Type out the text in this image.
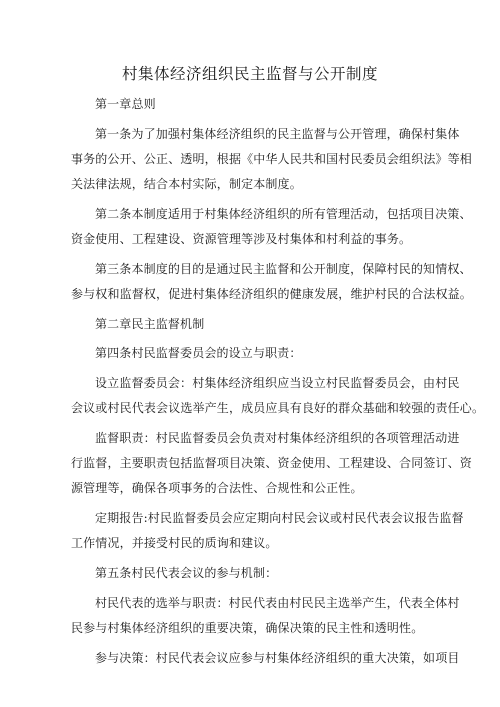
村集体经济组织民主监督与公开制度
第一章总则
第一条为了加强村集体经济组织的民主监督与公开管理，确保村集体
事务的公开、公正、透明，根据《中华人民共和国村民委员会组织法》等相
关法律法规，结合本村实际，制定本制度。
第二条本制度适用于村集体经济组织的所有管理活动，包括项目决策、
资金使用、工程建设、资源管理等涉及村集体和村利益的事务。
第三条本制度的目的是通过民主监督和公开制度，保障村民的知情权、
参与权和监督权，促进村集体经济组织的健康发展，维护村民的合法权益。
第二章民主监督机制
第四条村民监督委员会的设立与职责：
设立监督委员会：村集体经济组织应当设立村民监督委员会，由村民
会议或村民代表会议选举产生，成员应具有良好的群众基础和较强的责任心。
监督职责：村民监督委员会负责对村集体经济组织的各项管理活动进
行监督，主要职责包括监督项目决策、资金使用、工程建设、合同签订、资
源管理等，确保各项事务的合法性、合规性和公正性。
定期报告:村民监督委员会应定期向村民会议或村民代表会议报告监督
工作情况，并接受村民的质询和建议。
第五条村民代表会议的参与机制：
村民代表的选举与职责：村民代表由村民民主选举产生，代表全体村
民参与村集体经济组织的重要决策，确保决策的民主性和透明性。
参与决策：村民代表会议应参与村集体经济组织的重大决策，如项目
